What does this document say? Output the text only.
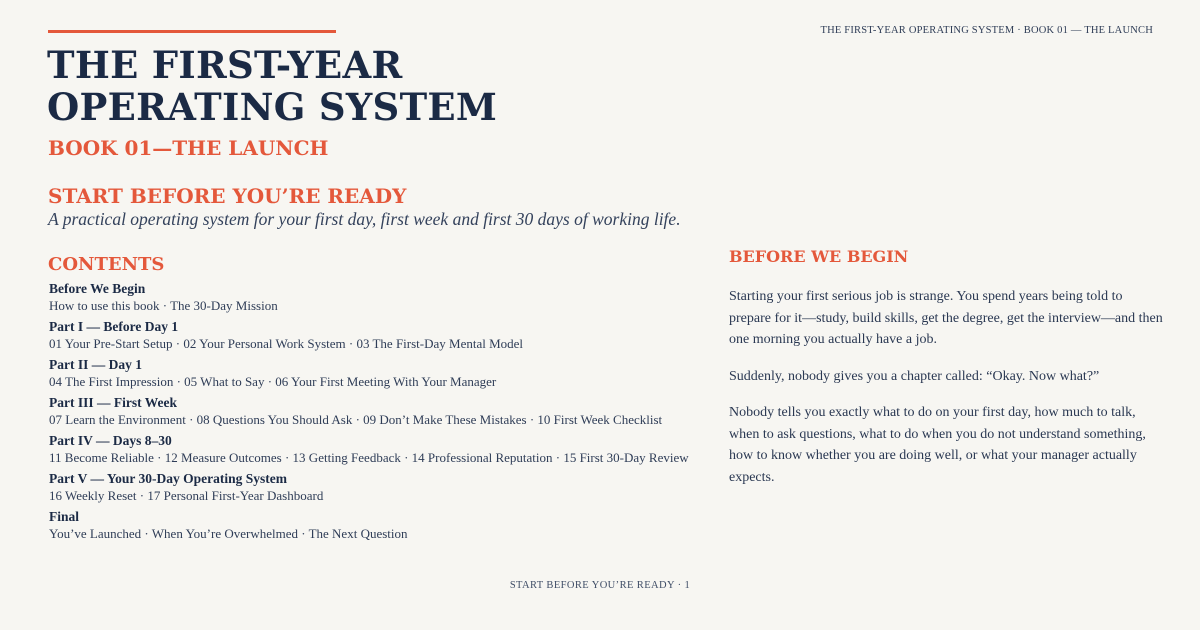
THE FIRST-YEAR OPERATING SYSTEM · BOOK 01 — THE LAUNCH
THE FIRST-YEAR
OPERATING SYSTEM
BOOK 01—THE LAUNCH
START BEFORE YOU’RE READY
A practical operating system for your first day, first week and first 30 days of working life.
CONTENTS
Before We Begin
How to use this book · The 30-Day Mission
Part I — Before Day 1
01 Your Pre-Start Setup · 02 Your Personal Work System · 03 The First-Day Mental Model
Part II — Day 1
04 The First Impression · 05 What to Say · 06 Your First Meeting With Your Manager
Part III — First Week
07 Learn the Environment · 08 Questions You Should Ask · 09 Don’t Make These Mistakes · 10 First Week Checklist
Part IV — Days 8–30
11 Become Reliable · 12 Measure Outcomes · 13 Getting Feedback · 14 Professional Reputation · 15 First 30-Day Review
Part V — Your 30-Day Operating System
16 Weekly Reset · 17 Personal First-Year Dashboard
Final
You’ve Launched · When You’re Overwhelmed · The Next Question
BEFORE WE BEGIN

Starting your first serious job is strange. You spend years being told to prepare for it—study, build skills, get the degree, get the interview—and then one morning you actually have a job.

Suddenly, nobody gives you a chapter called: “Okay. Now what?”

Nobody tells you exactly what to do on your first day, how much to talk, when to ask questions, what to do when you do not understand something, how to know whether you are doing well, or what your manager actually expects.

START BEFORE YOU’RE READY · 1
